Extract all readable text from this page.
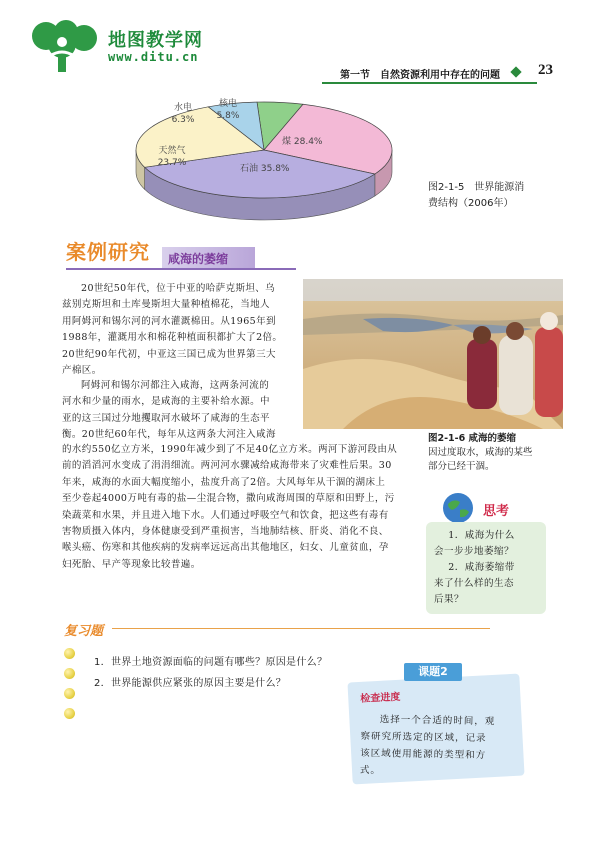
地图教学网
www.ditu.cn
第一节 自然资源利用中存在的问题	23
水电
6.3%
核电
5.8%
天然气
23.7%
煤 28.4%
石油 35.8%
图2-1-5　世界能源消
费结构（2006年）
案例研究 咸海的萎缩
20世纪50年代，位于中亚的哈萨克斯坦、乌
兹别克斯坦和土库曼斯坦大量种植棉花，当地人
用阿姆河和锡尔河的河水灌溉棉田。从1965年到
1988年，灌溉用水和棉花种植面积都扩大了2倍。
20世纪90年代初，中亚这三国已成为世界第三大
产棉区。
阿姆河和锡尔河都注入咸海，这两条河流的
河水和少量的雨水，是咸海的主要补给水源。中
亚的这三国过分地攫取河水破坏了咸海的生态平
衡。20世纪60年代，每年从这两条大河注入咸海
的水约550亿立方米，1990年减少到了不足40亿立方米。两河下游河段由从
前的滔滔河水变成了涓涓细流。两河河水骤减给咸海带来了灾难性后果。30
年来，咸海的水面大幅度缩小，盐度升高了2倍。大风每年从干涸的湖床上
至少卷起4000万吨有毒的盐—尘混合物，撒向咸海周围的草原和田野上，污
染蔬菜和水果，并且进入地下水。人们通过呼吸空气和饮食，把这些有毒有
害物质摄入体内，身体健康受到严重损害，当地肺结核、肝炎、消化不良、
喉头癌、伤寒和其他疾病的发病率远远高出其他地区，妇女、儿童贫血，孕
妇死胎、早产等现象比较普遍。
图2-1-6 咸海的萎缩
因过度取水，咸海的某些
部分已经干涸。
思考
1．咸海为什么
会一步步地萎缩？
2．咸海萎缩带
来了什么样的生态
后果？
复习题
1．世界土地资源面临的问题有哪些？原因是什么？
2．世界能源供应紧张的原因主要是什么？
检查进度
选择一个合适的时间，观
察研究所选定的区域，记录
该区域使用能源的类型和方
式。
课题2
